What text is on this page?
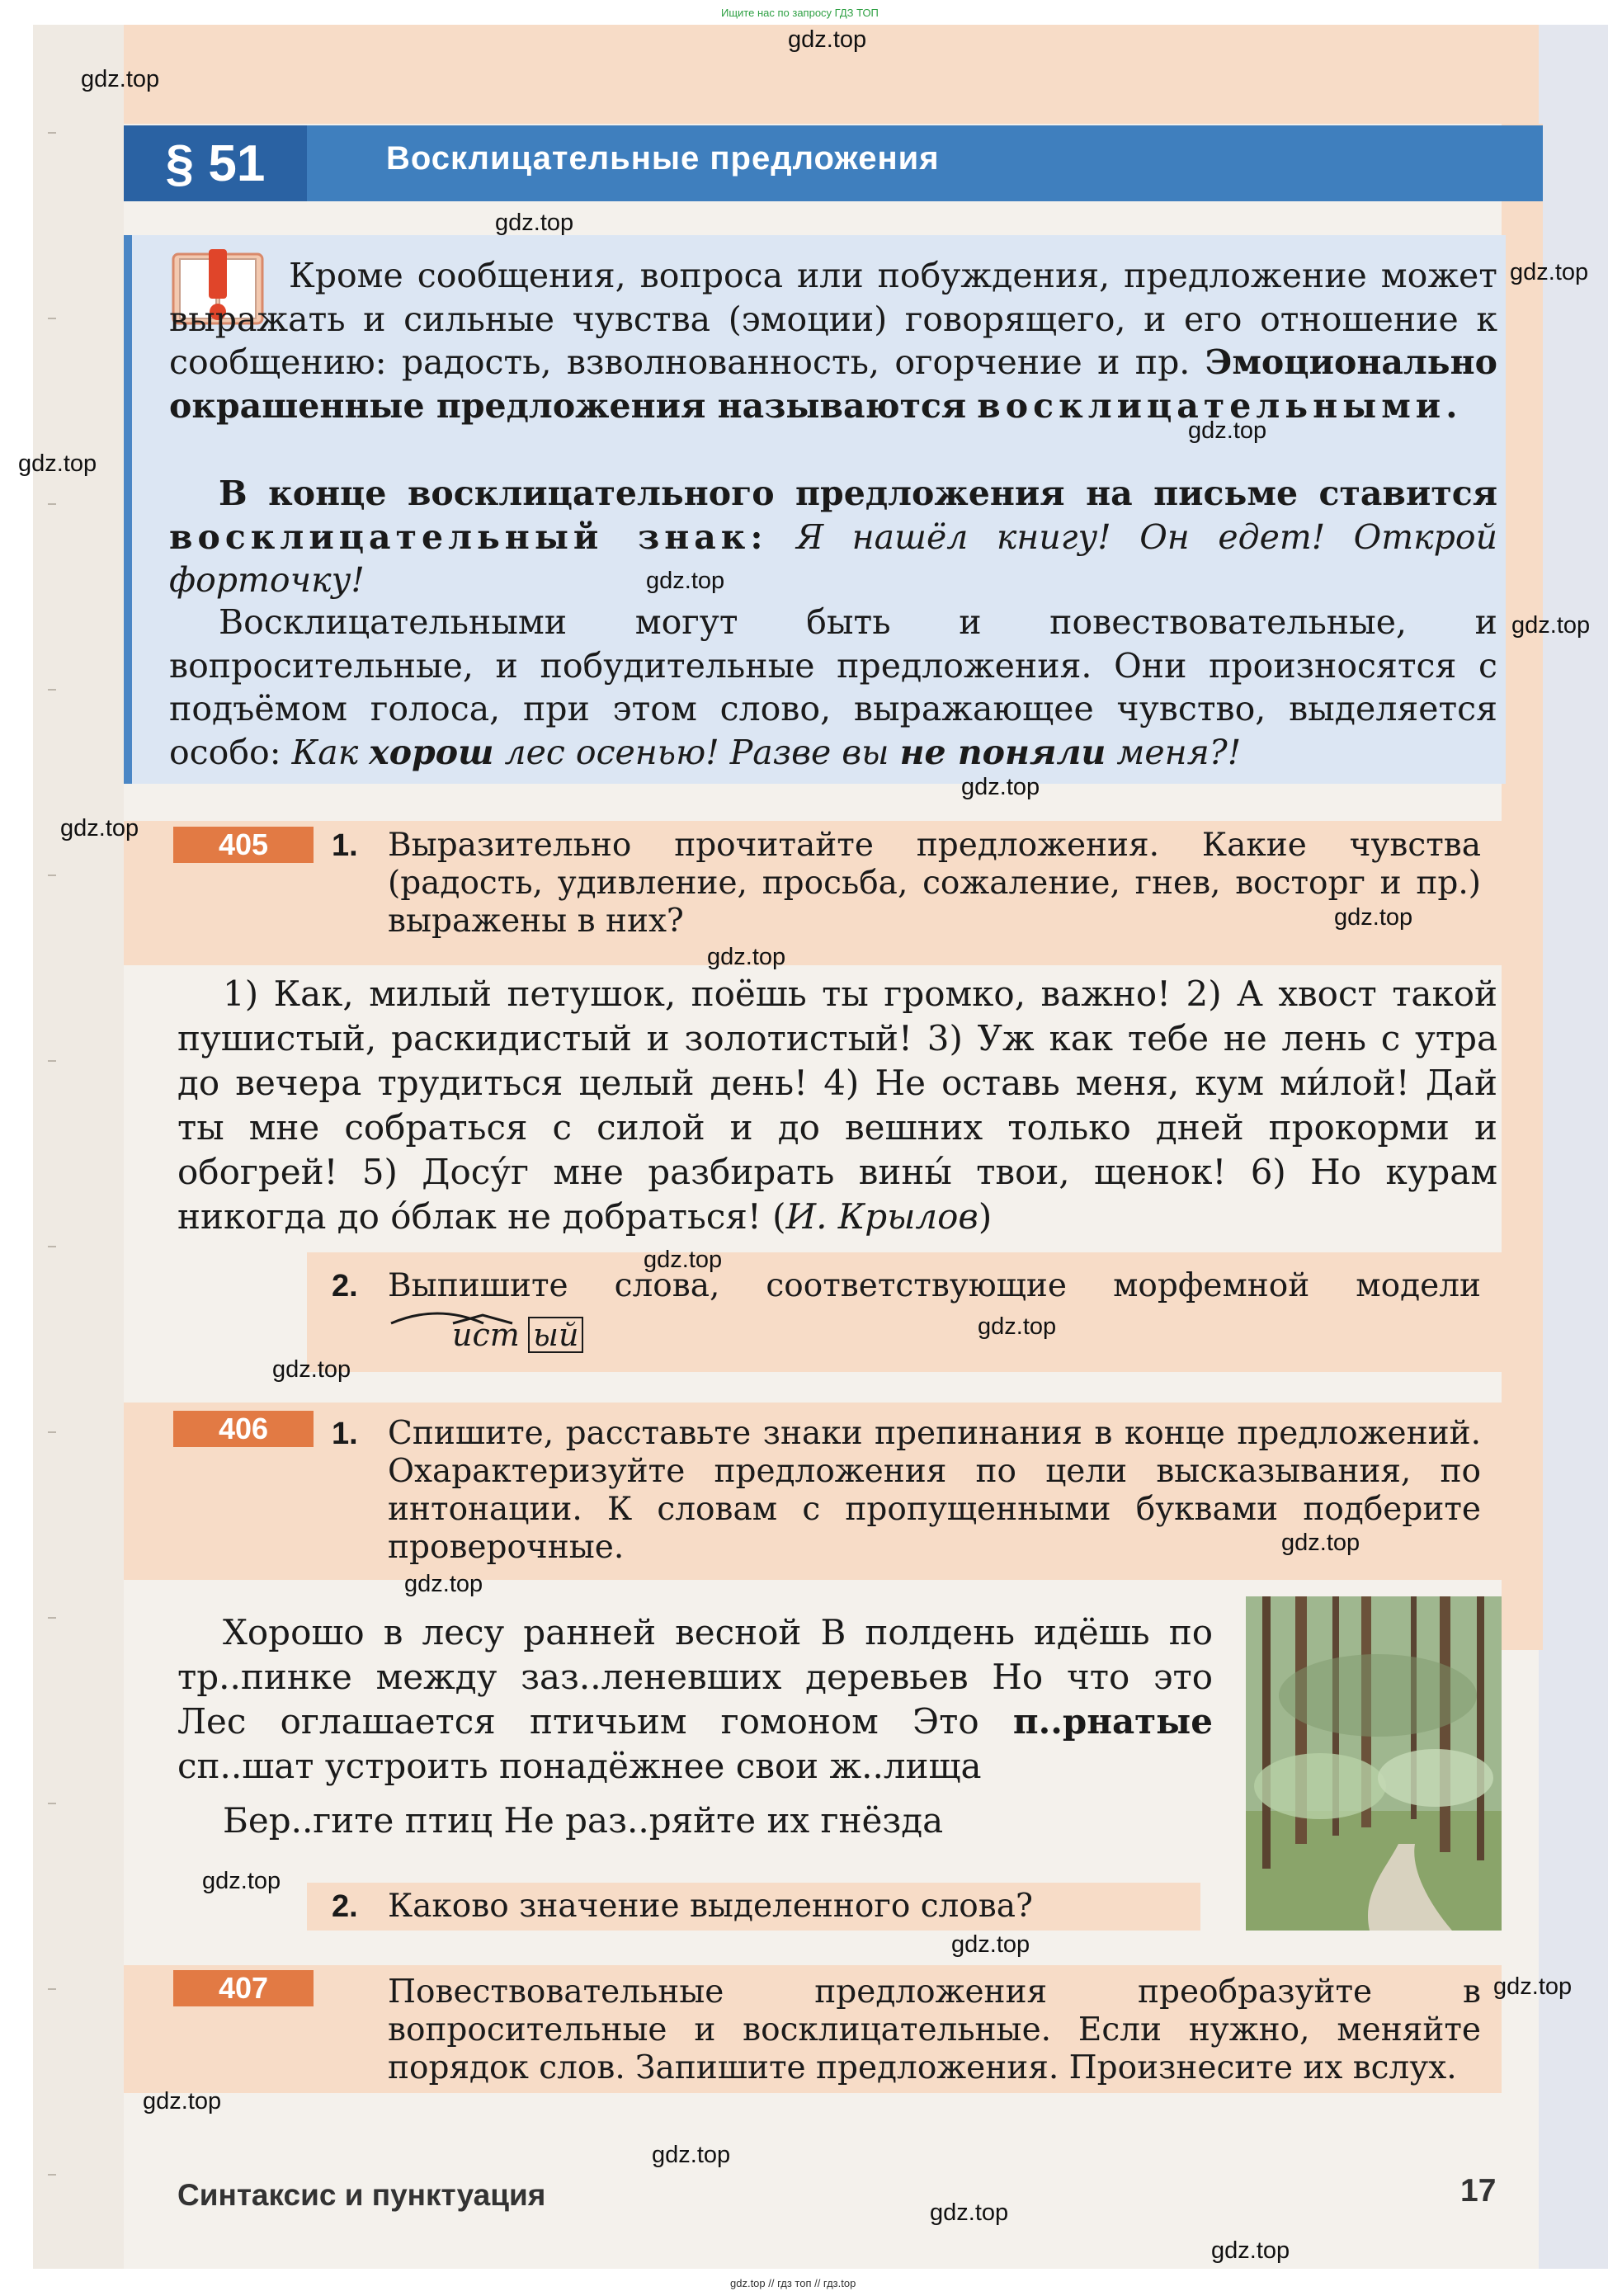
Ищите нас по запросу ГДЗ ТОП
§ 51	Восклицательные предложения
Кроме сообщения, вопроса или побуждения, предложение может выражать и сильные чувства (эмоции) говорящего, и его отношение к сообщению: радость, взволнованность, огорчение и пр. Эмоционально окрашенные предложения называются восклицательными.
В конце восклицательного предложения на письме ставится восклицательный знак: Я нашёл книгу! Он едет! Открой форточку!
Восклицательными могут быть и повествовательные, и вопросительные, и побудительные предложения. Они произносятся с подъёмом голоса, при этом слово, выражающее чувство, выделяется особо: Как хорош лес осенью! Разве вы не поняли меня?!
405	1. Выразительно прочитайте предложения. Какие чувства (радость, удивление, просьба, сожаление, гнев, восторг и пр.) выражены в них?
1) Как, милый петушок, поёшь ты громко, важно! 2) А хвост такой пушистый, раскидистый и золотистый! 3) Уж как тебе не лень с утра до вечера трудиться целый день! 4) Не оставь меня, кум ми́лой! Дай ты мне собраться с силой и до вешних только дней прокорми и обогрей! 5) Досу́г мне разбирать вины́ твои, щенок! 6) Но курам никогда до о́блак не добраться! (И. Крылов)
2. Выпишите слова, соответствующие морфемной модели
ист ый
406	1. Спишите, расставьте знаки препинания в конце предложений. Охарактеризуйте предложения по цели высказывания, по интонации. К словам с пропущенными буквами подберите проверочные.
Хорошо в лесу ранней весной В полдень идёшь по тр..пинке между заз..леневших деревьев Но что это Лес оглашается птичьим гомоном Это п..рнатые сп..шат устроить понадёжнее свои ж..лища
Бер..гите птиц Не раз..ряйте их гнёзда
2. Каково значение выделенного слова?
407	Повествовательные предложения преобразуйте в вопросительные и восклицательные. Если нужно, меняйте порядок слов. Запишите предложения. Произнесите их вслух.
Синтаксис и пунктуация	17
gdz.top
gdz.top
gdz.top
gdz.top
gdz.top
gdz.top
gdz.top
gdz.top
gdz.top
gdz.top
gdz.top
gdz.top
gdz.top
gdz.top
gdz.top
gdz.top
gdz.top
gdz.top
gdz.top
gdz.top
gdz.top
gdz.top
gdz.top
gdz.top
gdz.top // гдз топ // гдз.top
